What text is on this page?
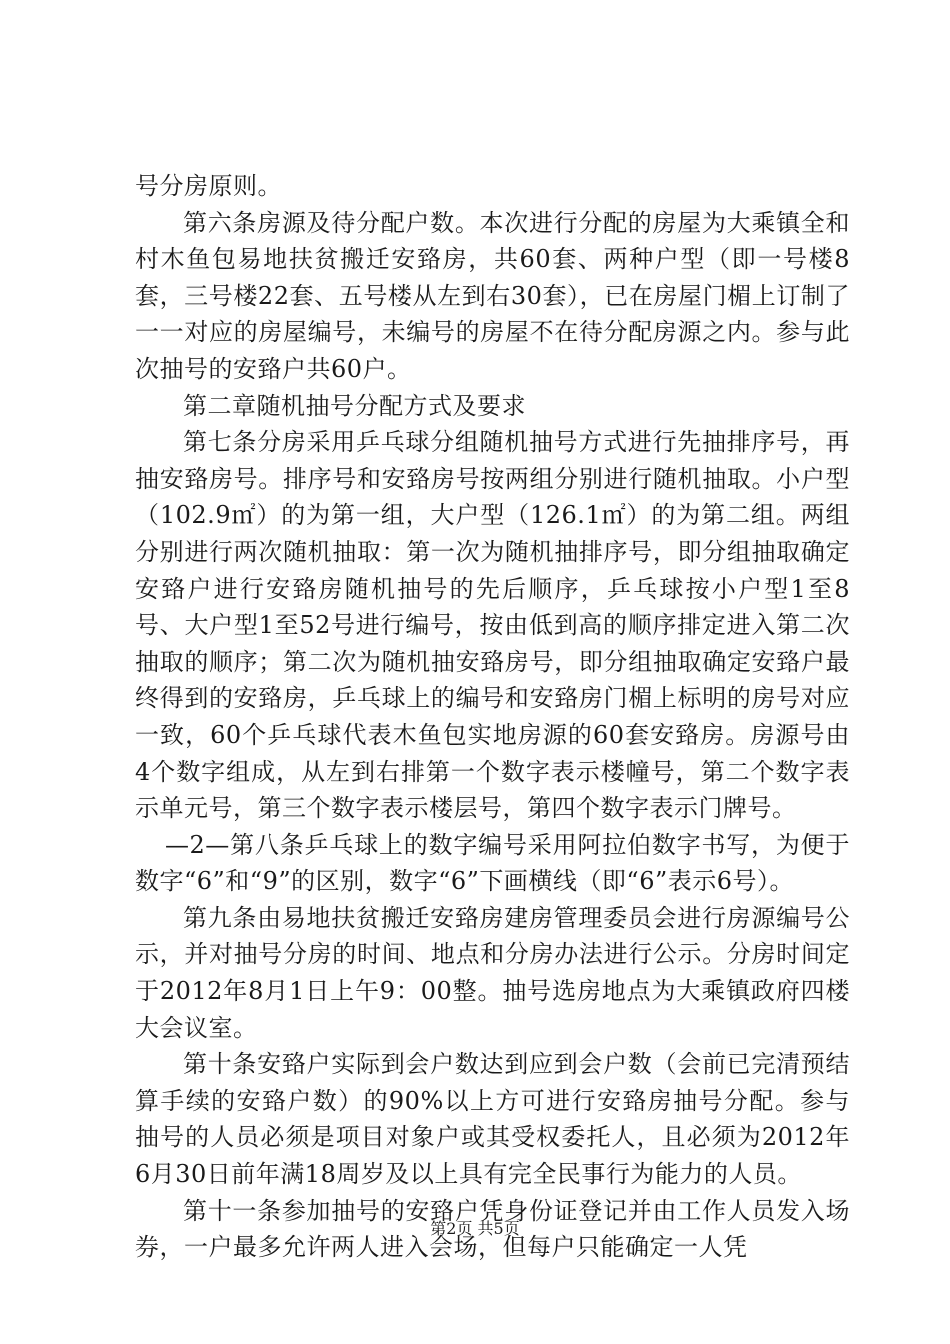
号分房原则。

第六条房源及待分配户数。本次进行分配的房屋为大乘镇全和村木鱼包易地扶贫搬迁安臵房，共60套、两种户型（即一号楼8套，三号楼22套、五号楼从左到右30套），已在房屋门楣上订制了一一对应的房屋编号，未编号的房屋不在待分配房源之内。参与此次抽号的安臵户共60户。

第二章随机抽号分配方式及要求

第七条分房采用乒乓球分组随机抽号方式进行先抽排序号，再抽安臵房号。排序号和安臵房号按两组分别进行随机抽取。小户型（102.9㎡）的为第一组，大户型（126.1㎡）的为第二组。两组分别进行两次随机抽取：第一次为随机抽排序号，即分组抽取确定安臵户进行安臵房随机抽号的先后顺序，乒乓球按小户型1至8号、大户型1至52号进行编号，按由低到高的顺序排定进入第二次抽取的顺序；第二次为随机抽安臵房号，即分组抽取确定安臵户最终得到的安臵房，乒乓球上的编号和安臵房门楣上标明的房号对应一致，60个乒乓球代表木鱼包实地房源的60套安臵房。房源号由4个数字组成，从左到右排第一个数字表示楼幢号，第二个数字表示单元号，第三个数字表示楼层号，第四个数字表示门牌号。

—2—第八条乒乓球上的数字编号采用阿拉伯数字书写，为便于数字“6”和“9”的区别，数字“6”下画横线（即“6”表示6号）。

第九条由易地扶贫搬迁安臵房建房管理委员会进行房源编号公示，并对抽号分房的时间、地点和分房办法进行公示。分房时间定于2012年8月1日上午9：00整。抽号选房地点为大乘镇政府四楼大会议室。

第十条安臵户实际到会户数达到应到会户数（会前已完清预结算手续的安臵户数）的90%以上方可进行安臵房抽号分配。参与抽号的人员必须是项目对象户或其受权委托人，且必须为2012年6月30日前年满18周岁及以上具有完全民事行为能力的人员。

第十一条参加抽号的安臵户凭身份证登记并由工作人员发入场券，一户最多允许两人进入会场，但每户只能确定一人凭

第2页 共5页
